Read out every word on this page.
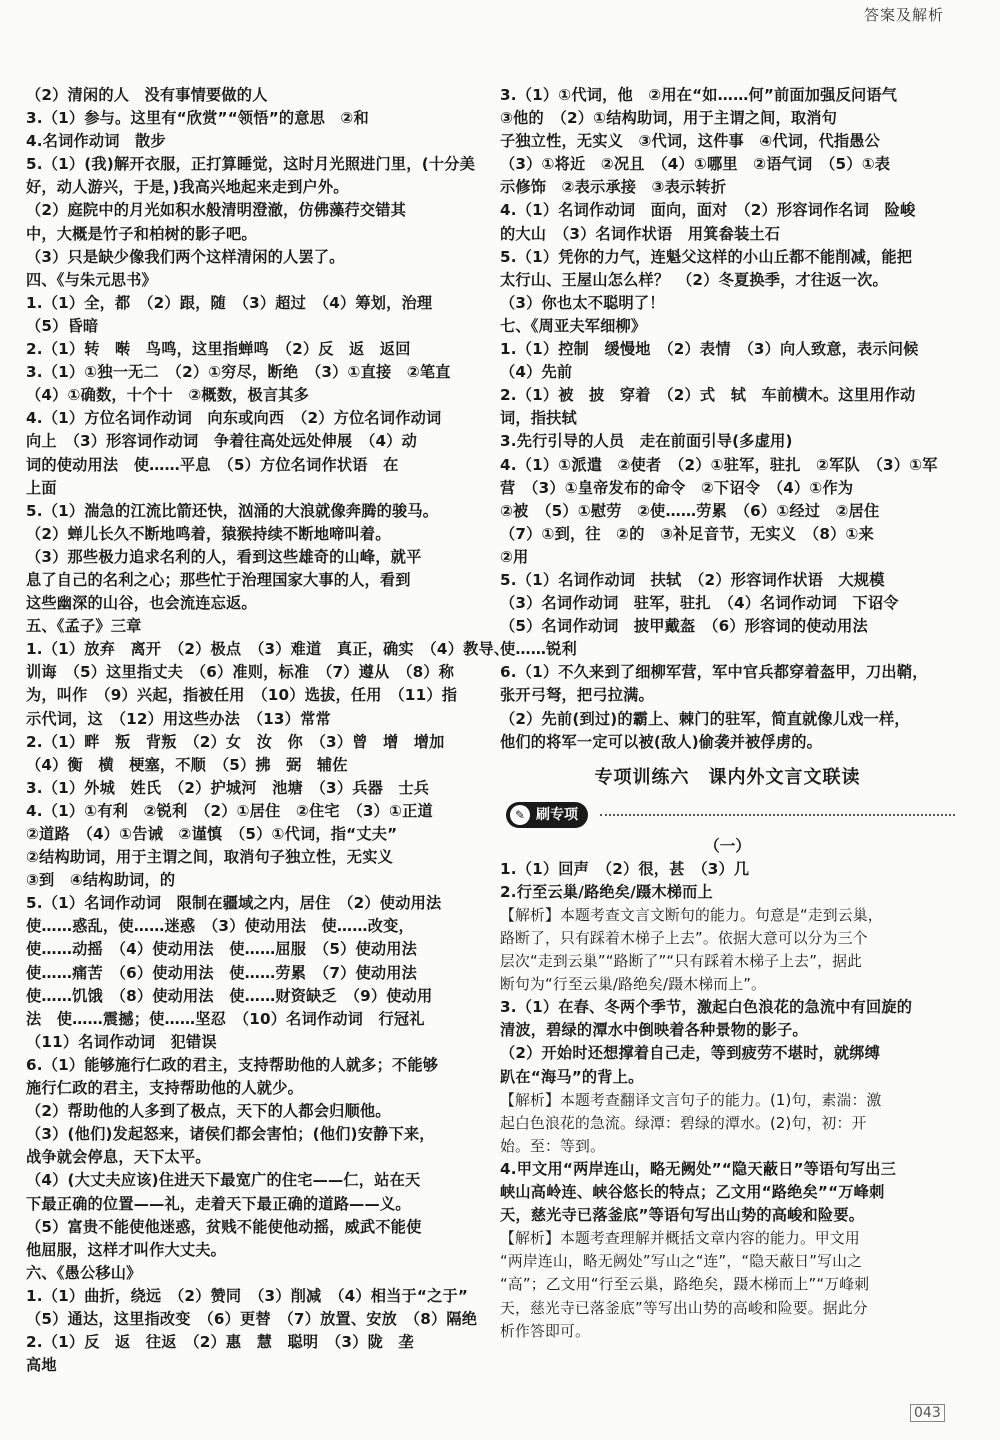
答案及解析
（2）清闲的人　没有事情要做的人
3.（1）参与。这里有“欣赏”“领悟”的意思　②和
4.名词作动词　散步
5.（1）(我)解开衣服，正打算睡觉，这时月光照进门里，(十分美
好，动人游兴，于是，)我高兴地起来走到户外。
（2）庭院中的月光如积水般清明澄澈，仿佛藻荇交错其
中，大概是竹子和柏树的影子吧。
（3）只是缺少像我们两个这样清闲的人罢了。
四、《与朱元思书》
1.（1）全，都　（2）跟，随　（3）超过　（4）筹划，治理
（5）昏暗
2.（1）转　啭　鸟鸣，这里指蝉鸣　（2）反　返　返回
3.（1）①独一无二　（2）①穷尽，断绝　（3）①直接　②笔直
（4）①确数，十个十　②概数，极言其多
4.（1）方位名词作动词　向东或向西　（2）方位名词作动词
向上　（3）形容词作动词　争着往高处远处伸展　（4）动
词的使动用法　使……平息　（5）方位名词作状语　在
上面
5.（1）湍急的江流比箭还快，汹涌的大浪就像奔腾的骏马。
（2）蝉儿长久不断地鸣着，猿猴持续不断地啼叫着。
（3）那些极力追求名利的人，看到这些雄奇的山峰，就平
息了自己的名利之心；那些忙于治理国家大事的人，看到
这些幽深的山谷，也会流连忘返。
五、《孟子》三章
1.（1）放弃　离开　（2）极点　（3）难道　真正，确实　（4）教导、
训诲　（5）这里指丈夫　（6）准则，标准　（7）遵从　（8）称
为，叫作　（9）兴起，指被任用　（10）选拔，任用　（11）指
示代词，这　（12）用这些办法　（13）常常
2.（1）畔　叛　背叛　（2）女　汝　你　（3）曾　增　增加
（4）衡　横　梗塞，不顺　（5）拂　弼　辅佐
3.（1）外城　姓氏　（2）护城河　池塘　（3）兵器　士兵
4.（1）①有利　②锐利　（2）①居住　②住宅　（3）①正道
②道路　（4）①告诫　②谨慎　（5）①代词，指“丈夫”
②结构助词，用于主谓之间，取消句子独立性，无实义
③到　④结构助词，的
5.（1）名词作动词　限制在疆域之内，居住　（2）使动用法
使……惑乱，使……迷惑　（3）使动用法　使……改变，
使……动摇　（4）使动用法　使……屈服　（5）使动用法
使……痛苦　（6）使动用法　使……劳累　（7）使动用法
使……饥饿　（8）使动用法　使……财资缺乏　（9）使动用
法　使……震撼；使……坚忍　（10）名词作动词　行冠礼
（11）名词作动词　犯错误
6.（1）能够施行仁政的君主，支持帮助他的人就多；不能够
施行仁政的君主，支持帮助他的人就少。
（2）帮助他的人多到了极点，天下的人都会归顺他。
（3）(他们)发起怒来，诸侯们都会害怕；(他们)安静下来，
战争就会停息，天下太平。
（4）(大丈夫应该)住进天下最宽广的住宅——仁，站在天
下最正确的位置——礼，走着天下最正确的道路——义。
（5）富贵不能使他迷惑，贫贱不能使他动摇，威武不能使
他屈服，这样才叫作大丈夫。
六、《愚公移山》
1.（1）曲折，绕远　（2）赞同　（3）削减　（4）相当于“之于”
（5）通达，这里指改变　（6）更替　（7）放置、安放　（8）隔绝
2.（1）反　返　往返　（2）惠　慧　聪明　（3）陇　垄
高地
3.（1）①代词，他　②用在“如……何”前面加强反问语气
③他的　（2）①结构助词，用于主谓之间，取消句
子独立性，无实义　③代词，这件事　④代词，代指愚公
（3）①将近　②况且　（4）①哪里　②语气词　（5）①表
示修饰　②表示承接　③表示转折
4.（1）名词作动词　面向，面对　（2）形容词作名词　险峻
的大山　（3）名词作状语　用箕畚装土石
5.（1）凭你的力气，连魁父这样的小山丘都不能削减，能把
太行山、王屋山怎么样？　（2）冬夏换季，才往返一次。
（3）你也太不聪明了！
七、《周亚夫军细柳》
1.（1）控制　缓慢地　（2）表情　（3）向人致意，表示问候
（4）先前
2.（1）被　披　穿着　（2）式　轼　车前横木。这里用作动
词，指扶轼
3.先行引导的人员　走在前面引导(多虚用)
4.（1）①派遣　②使者　（2）①驻军，驻扎　②军队　（3）①军
营　（3）①皇帝发布的命令　②下诏令　（4）①作为
②被　（5）①慰劳　②使……劳累　（6）①经过　②居住
（7）①到，往　②的　③补足音节，无实义　（8）①来
②用
5.（1）名词作动词　扶轼　（2）形容词作状语　大规模
（3）名词作动词　驻军，驻扎　（4）名词作动词　下诏令
（5）名词作动词　披甲戴盔　（6）形容词的使动用法
使……锐利
6.（1）不久来到了细柳军营，军中官兵都穿着盔甲，刀出鞘，
张开弓弩，把弓拉满。
（2）先前(到过)的霸上、棘门的驻军，简直就像儿戏一样，
他们的将军一定可以被(敌人)偷袭并被俘虏的。
专项训练六　课内外文言文联读
✎ 刷专项
（一）
1.（1）回声　（2）很，甚　（3）几
2.行至云巢/路绝矣/蹑木梯而上
【解析】本题考查文言文断句的能力。句意是“走到云巢，
路断了，只有踩着木梯子上去”。依据大意可以分为三个
层次“走到云巢”“路断了”“只有踩着木梯子上去”，据此
断句为“行至云巢/路绝矣/蹑木梯而上”。
3.（1）在春、冬两个季节，激起白色浪花的急流中有回旋的
清波，碧绿的潭水中倒映着各种景物的影子。
（2）开始时还想撑着自己走，等到疲劳不堪时，就绑缚
趴在“海马”的背上。
【解析】本题考查翻译文言句子的能力。(1)句，素湍：激
起白色浪花的急流。绿潭：碧绿的潭水。(2)句，初：开
始。至：等到。
4.甲文用“两岸连山，略无阙处”“隐天蔽日”等语句写出三
峡山高岭连、峡谷悠长的特点；乙文用“路绝矣”“万峰刺
天，慈光寺已落釜底”等语句写出山势的高峻和险要。
【解析】本题考查理解并概括文章内容的能力。甲文用
“两岸连山，略无阙处”写山之“连”，“隐天蔽日”写山之
“高”；乙文用“行至云巢，路绝矣，蹑木梯而上”“万峰刺
天，慈光寺已落釜底”等写出山势的高峻和险要。据此分
析作答即可。
043
